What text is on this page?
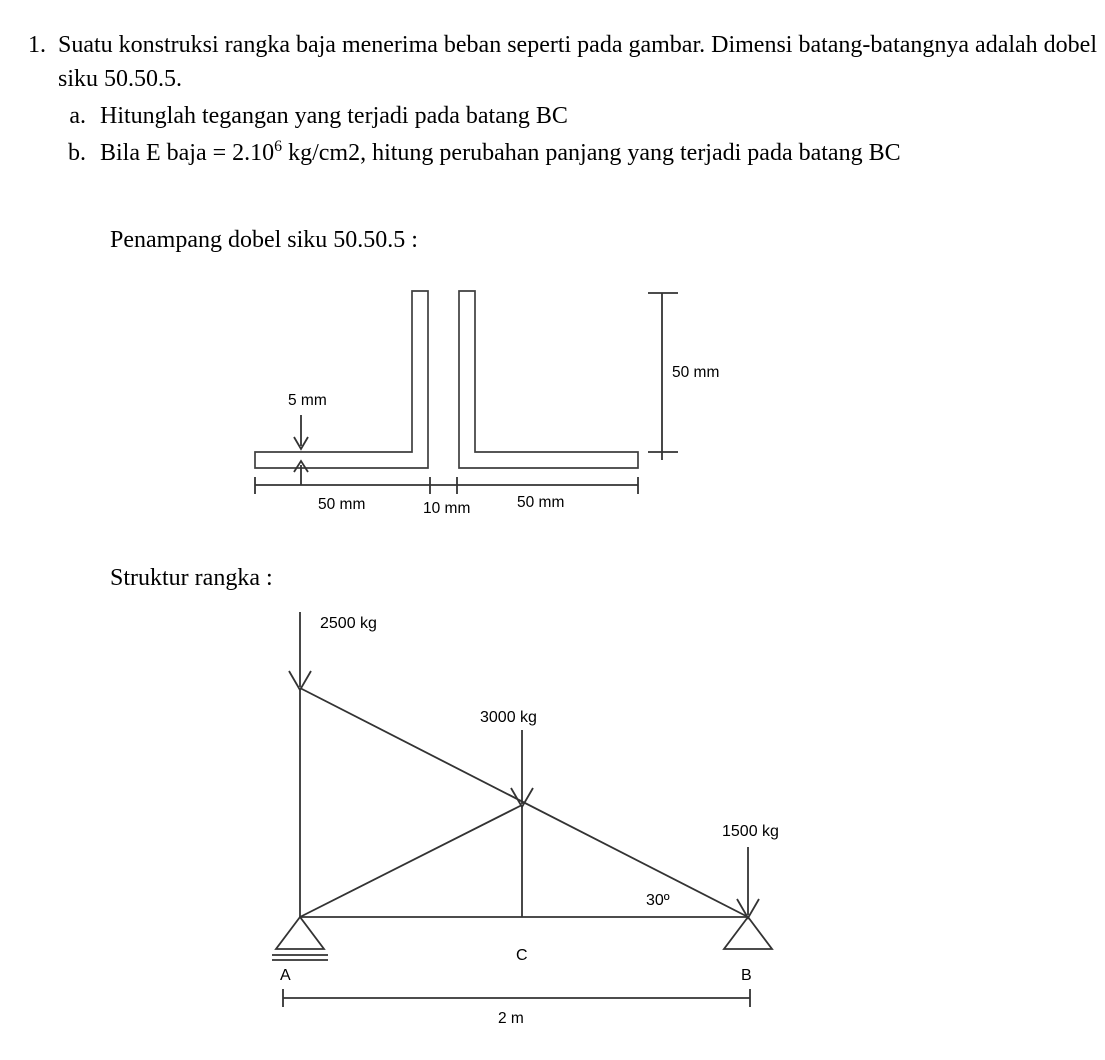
1. Suatu konstruksi rangka baja menerima beban seperti pada gambar. Dimensi batang-batangnya adalah dobel siku 50.50.5.
a. Hitunglah tegangan yang terjadi pada batang BC
b. Bila E baja = $2.10^6$ kg/cm2, hitung perubahan panjang yang terjadi pada batang BC
Penampang dobel siku 50.50.5 :
Struktur rangka :
5 mm
50 mm	10 mm	50 mm
50 mm
2500 kg
3000 kg
1500 kg
A	B
C
30º
2 m
